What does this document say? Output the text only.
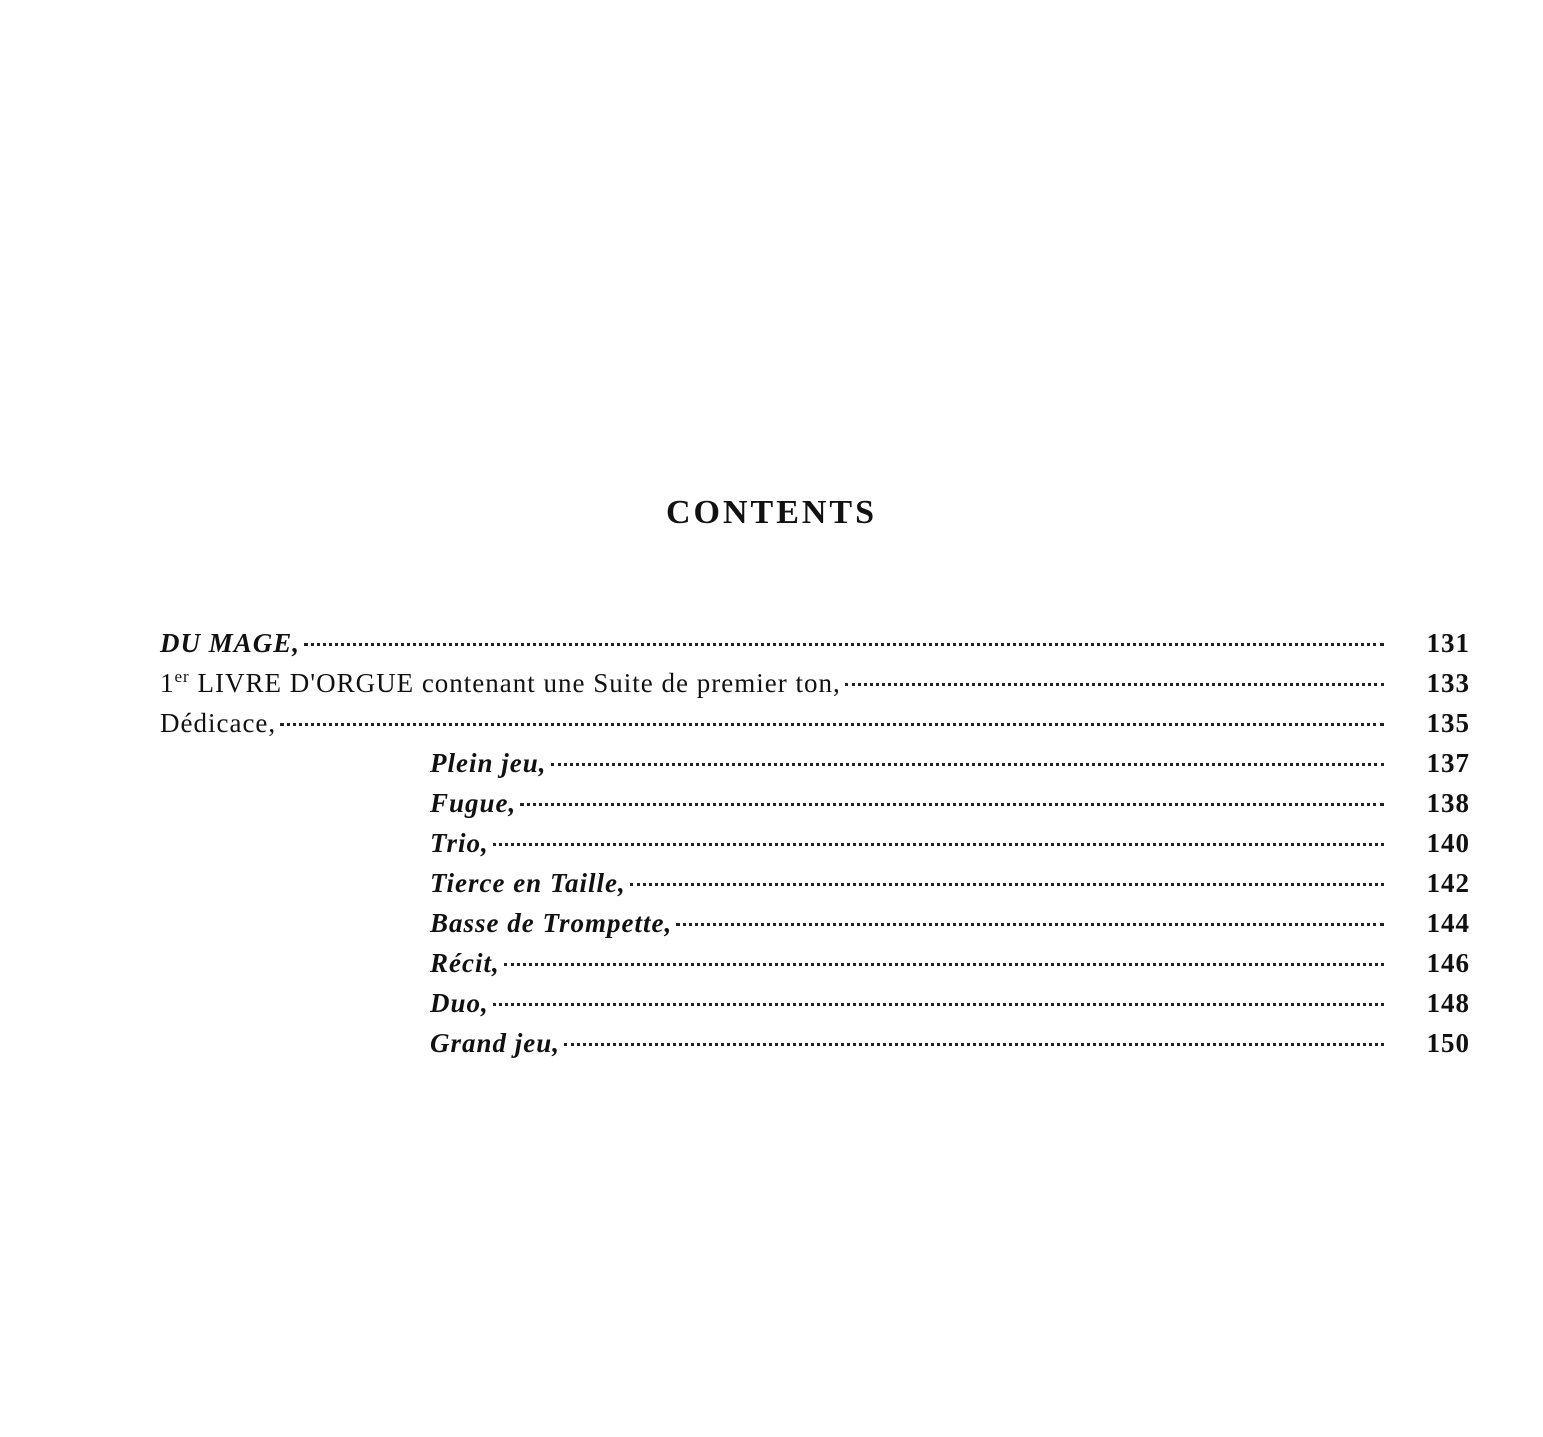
CONTENTS
DU MAGE,	131
1er LIVRE D'ORGUE contenant une Suite de premier ton,	133
Dédicace,	135
Plein jeu,	137
Fugue,	138
Trio,	140
Tierce en Taille,	142
Basse de Trompette,	144
Récit,	146
Duo,	148
Grand jeu,	150
